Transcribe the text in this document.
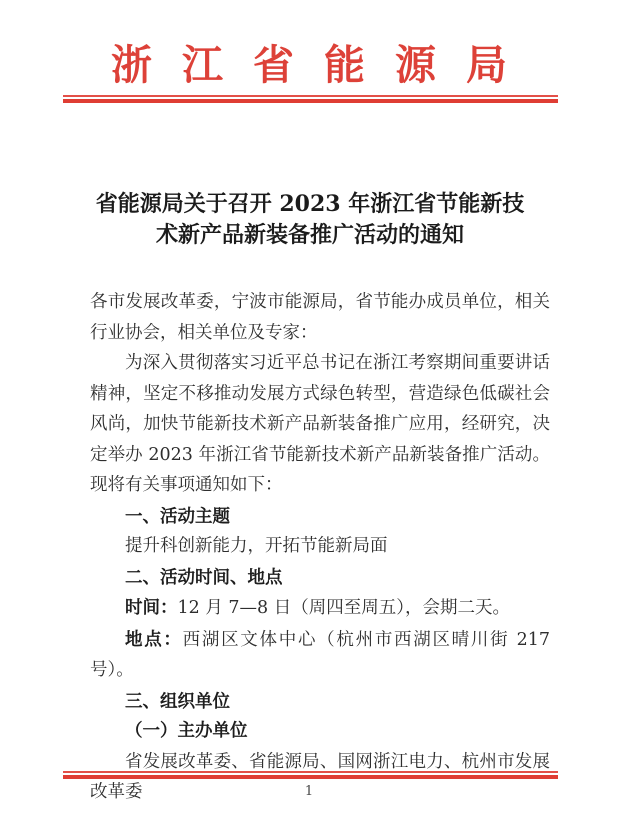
浙江省能源局
省能源局关于召开 2023 年浙江省节能新技
术新产品新装备推广活动的通知

各市发展改革委，宁波市能源局，省节能办成员单位，相关行业协会，相关单位及专家：

为深入贯彻落实习近平总书记在浙江考察期间重要讲话精神，坚定不移推动发展方式绿色转型，营造绿色低碳社会风尚，加快节能新技术新产品新装备推广应用，经研究，决定举办 2023 年浙江省节能新技术新产品新装备推广活动。现将有关事项通知如下：

一、活动主题

提升科创新能力，开拓节能新局面

二、活动时间、地点

时间：12 月 7—8 日（周四至周五），会期二天。

地点：西湖区文体中心（杭州市西湖区晴川街 217 号）。

三、组织单位

（一）主办单位

省发展改革委、省能源局、国网浙江电力、杭州市发展改革委	1
